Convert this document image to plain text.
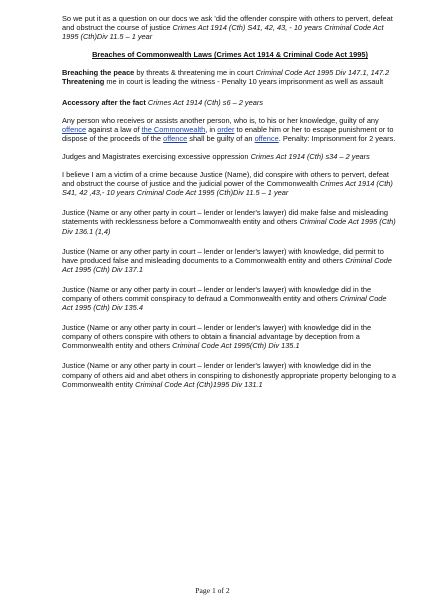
So we put it as a question on our docs we ask 'did the offender conspire with others to pervert, defeat and obstruct the course of justice Crimes Act 1914 (Cth) S41, 42, 43, - 10 years Criminal Code Act 1995 (Cth)Div 11.5 – 1 year

Breaches of Commonwealth Laws (Crimes Act 1914 & Criminal Code Act 1995)

Breaching the peace by threats & threatening me in court Criminal Code Act 1995 Div 147.1, 147.2 Threatening me in court is leading the witness - Penalty 10 years imprisonment as well as assault

Accessory after the fact Crimes Act 1914 (Cth) s6 – 2 years

Any person who receives or assists another person, who is, to his or her knowledge, guilty of any offence against a law of the Commonwealth, in order to enable him or her to escape punishment or to dispose of the proceeds of the offence shall be guilty of an offence. Penalty: Imprisonment for 2 years.

Judges and Magistrates exercising excessive oppression Crimes Act 1914 (Cth) s34 – 2 years

I believe I am a victim of a crime because Justice (Name), did conspire with others to pervert, defeat and obstruct the course of justice and the judicial power of the Commonwealth Crimes Act 1914 (Cth) S41, 42 ,43,- 10 years Criminal Code Act 1995 (Cth)Div 11.5 – 1 year

Justice (Name or any other party in court – lender or lender's lawyer) did make false and misleading statements with recklessness before a Commonwealth entity and others Criminal Code Act 1995 (Cth) Div 136.1 (1,4)

Justice (Name or any other party in court – lender or lender's lawyer) with knowledge, did permit to have produced false and misleading documents to a Commonwealth entity and others Criminal Code Act 1995 (Cth) Div 137.1

Justice (Name or any other party in court – lender or lender's lawyer) with knowledge did in the company of others commit conspiracy to defraud a Commonwealth entity and others Criminal Code Act 1995 (Cth) Div 135.4

Justice (Name or any other party in court – lender or lender's lawyer) with knowledge did in the company of others conspire with others to obtain a financial advantage by deception from a Commonwealth entity and others Criminal Code Act 1995(Cth) Div 135.1

Justice (Name or any other party in court – lender or lender's lawyer) with knowledge did in the company of others aid and abet others in conspiring to dishonestly appropriate property belonging to a Commonwealth entity Criminal Code Act (Cth)1995 Div 131.1

Page 1 of 2
